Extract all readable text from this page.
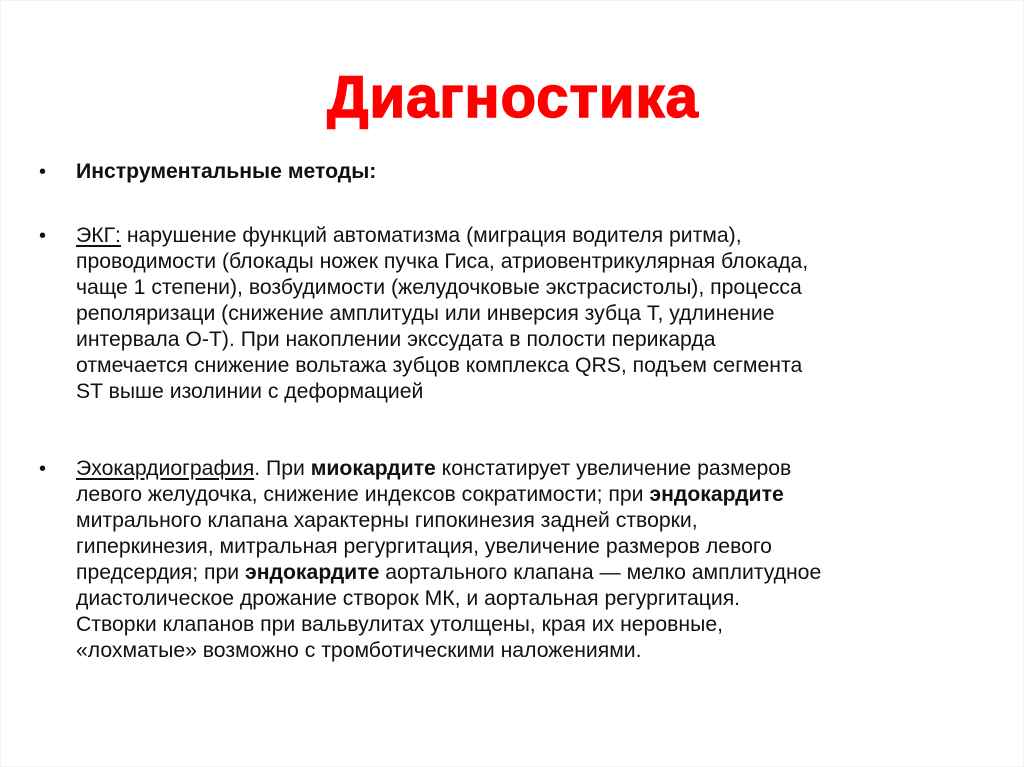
Диагностика
• Инструментальные методы:
• ЭКГ: нарушение функций автоматизма (миграция водителя ритма),
проводимости (блокады ножек пучка Гиса, атриовентрикулярная блокада,
чаще 1 степени), возбудимости (желудочковые экстрасистолы), процесса
реполяризаци (снижение амплитуды или инверсия зубца Т, удлинение
интервала О-Т). При накоплении экссудата в полости перикарда
отмечается снижение вольтажа зубцов комплекса QRS, подъем сегмента
ST выше изолинии с деформацией
• Эхокардиография. При миокардите констатирует увеличение размеров
левого желудочка, снижение индексов сократимости; при эндокардите
митрального клапана характерны гипокинезия задней створки,
гиперкинезия, митральная регургитация, увеличение размеров левого
предсердия; при эндокардите аортального клапана — мелко амплитудное
диастолическое дрожание створок МК, и аортальная регургитация.
Створки клапанов при вальвулитах утолщены, края их неровные,
«лохматые» возможно с тромботическими наложениями.
